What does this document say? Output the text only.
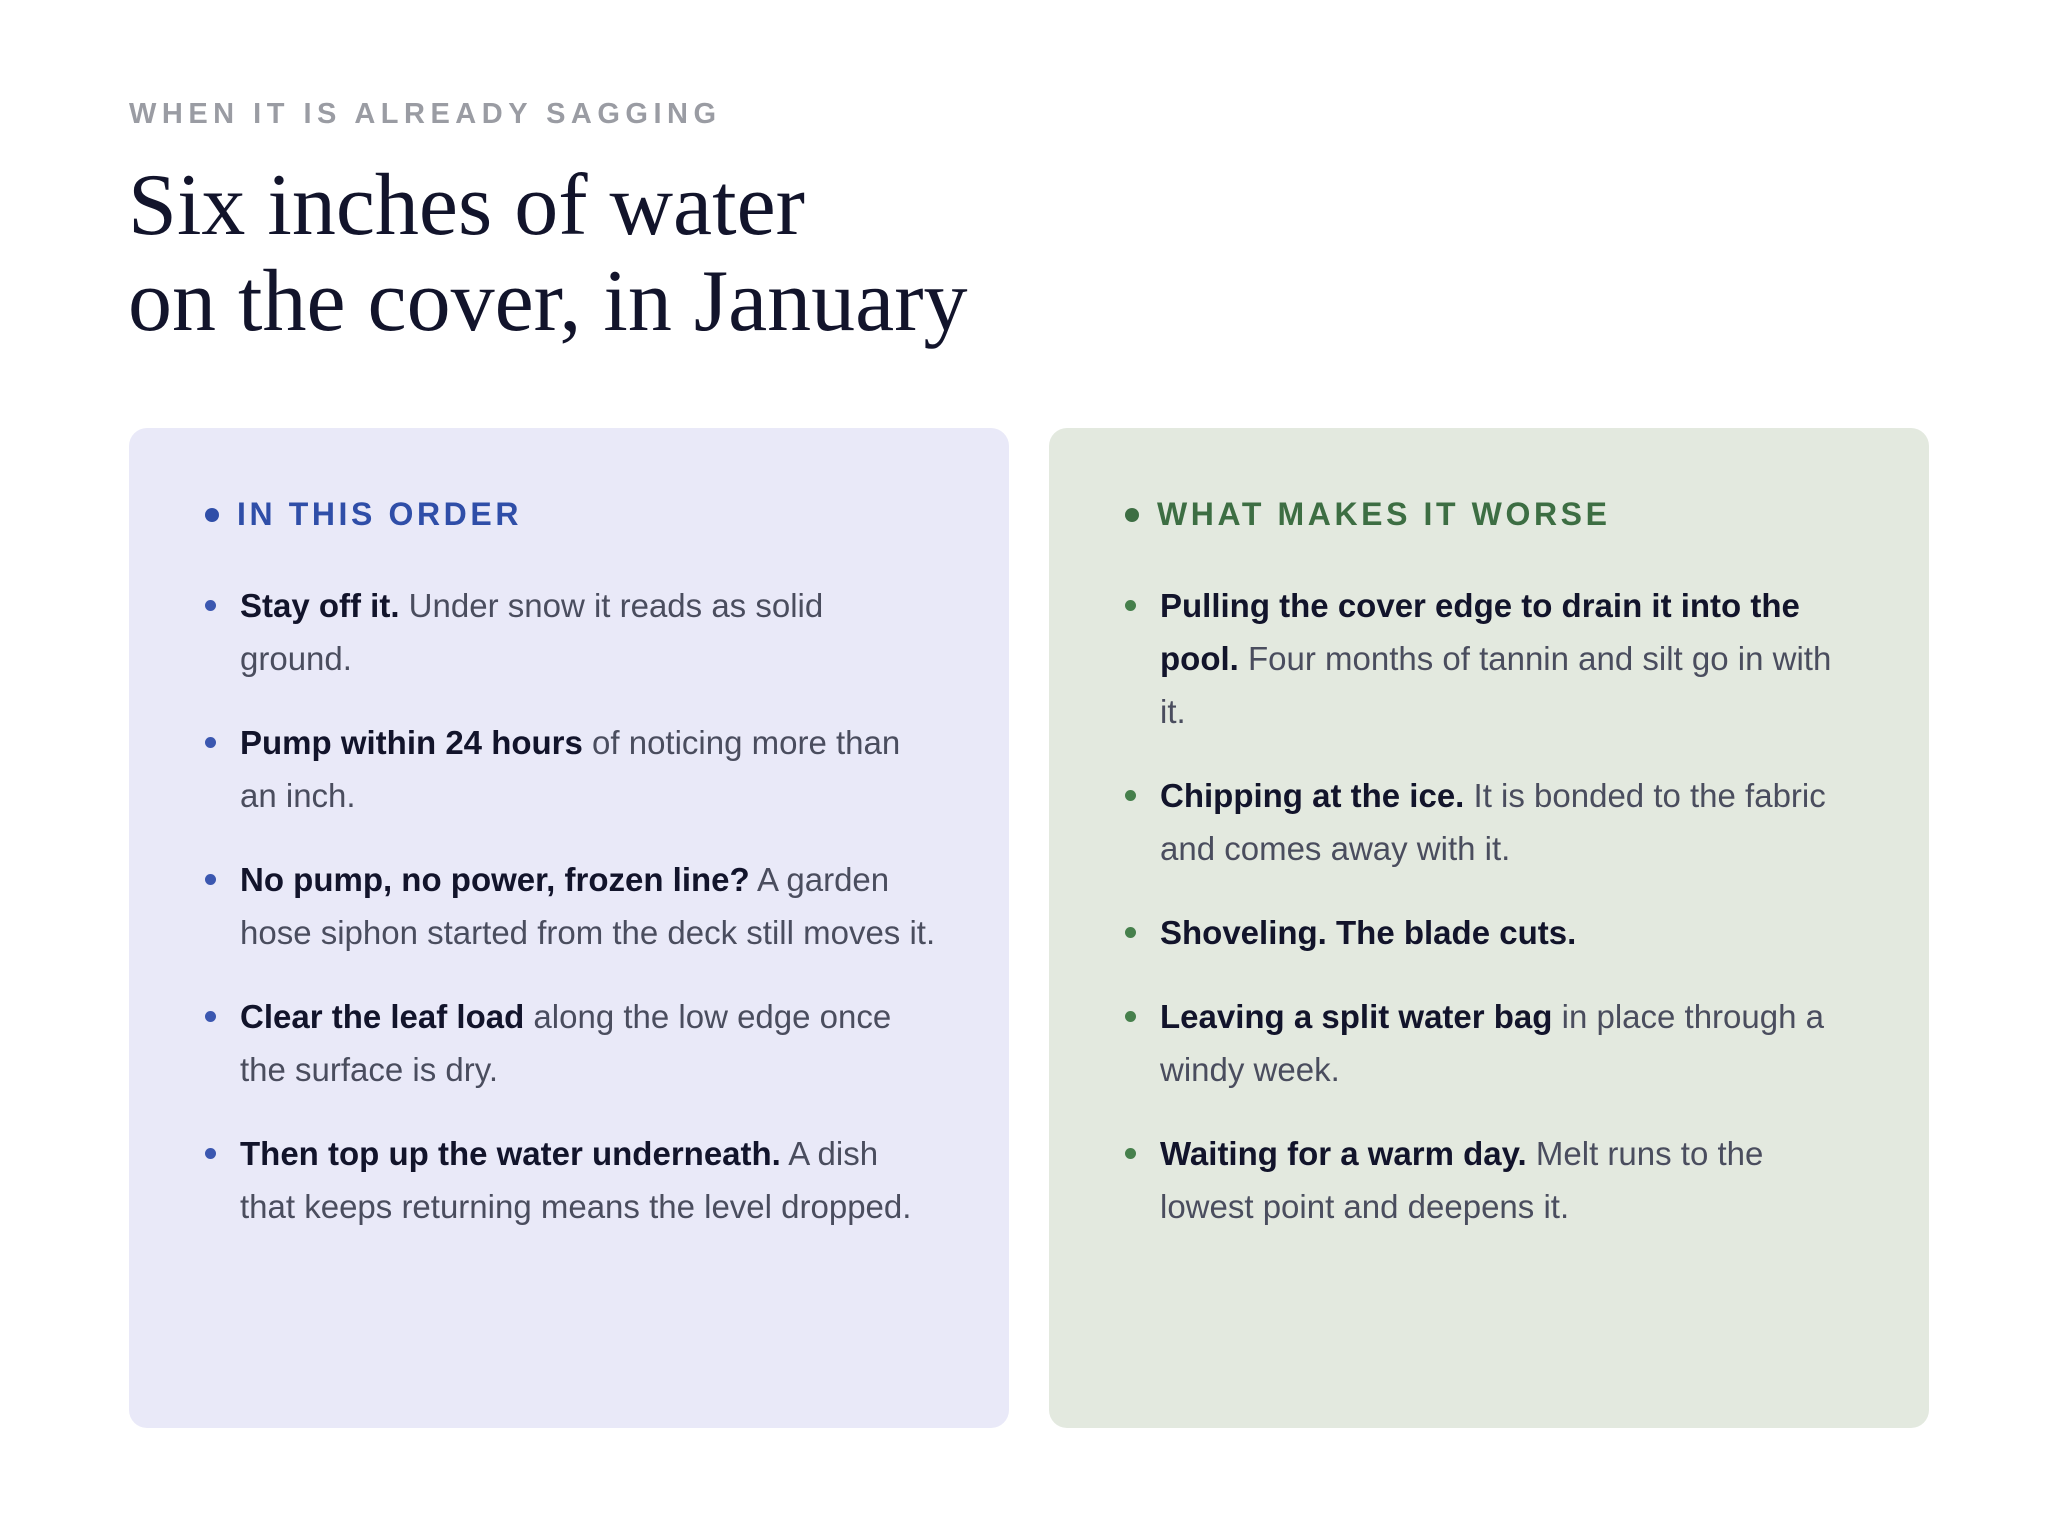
WHEN IT IS ALREADY SAGGING

Six inches of water
on the cover, in January
IN THIS ORDER
Stay off it. Under snow it reads as solid ground.
Pump within 24 hours of noticing more than an inch.
No pump, no power, frozen line? A garden hose siphon started from the deck still moves it.
Clear the leaf load along the low edge once the surface is dry.
Then top up the water underneath. A dish that keeps returning means the level dropped.
WHAT MAKES IT WORSE
Pulling the cover edge to drain it into the pool. Four months of tannin and silt go in with it.
Chipping at the ice. It is bonded to the fabric and comes away with it.
Shoveling. The blade cuts.
Leaving a split water bag in place through a windy week.
Waiting for a warm day. Melt runs to the lowest point and deepens it.
